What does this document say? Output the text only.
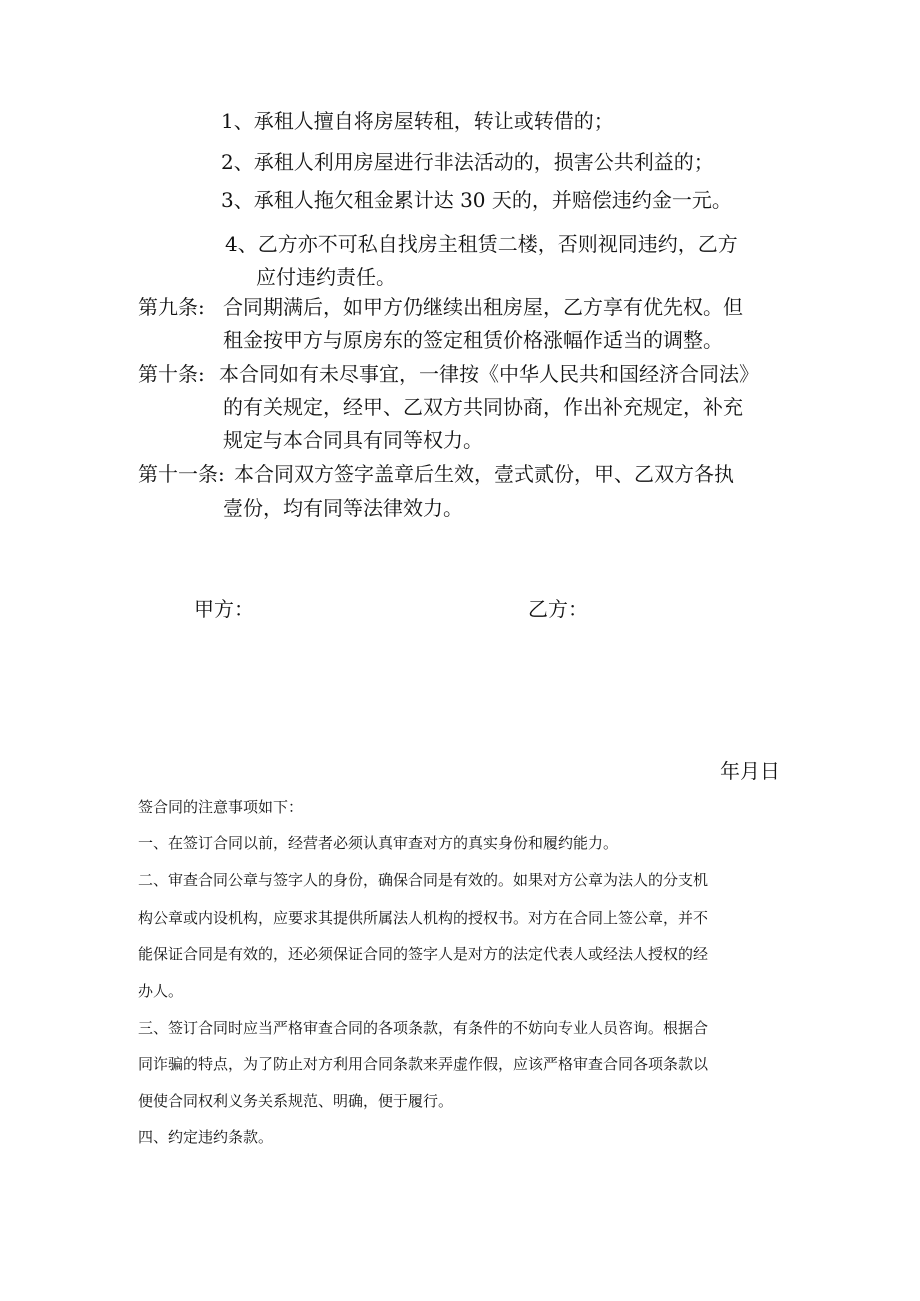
1、承租人擅自将房屋转租，转让或转借的；
2、承租人利用房屋进行非法活动的，损害公共利益的；
3、承租人拖欠租金累计达 30 天的，并赔偿违约金一元。
4、乙方亦不可私自找房主租赁二楼，否则视同违约，乙方
应付违约责任。
第九条: 合同期满后，如甲方仍继续出租房屋，乙方享有优先权。但
租金按甲方与原房东的签定租赁价格涨幅作适当的调整。
第十条: 本合同如有未尽事宜，一律按《中华人民共和国经济合同法》
的有关规定，经甲、乙双方共同协商，作出补充规定，补充
规定与本合同具有同等权力。
第十一条: 本合同双方签字盖章后生效，壹式贰份，甲、乙双方各执
壹份，均有同等法律效力。
甲方：	乙方：
年月日
签合同的注意事项如下：
一、在签订合同以前，经营者必须认真审查对方的真实身份和履约能力。
二、审查合同公章与签字人的身份，确保合同是有效的。如果对方公章为法人的分支机
构公章或内设机构，应要求其提供所属法人机构的授权书。对方在合同上签公章，并不
能保证合同是有效的，还必须保证合同的签字人是对方的法定代表人或经法人授权的经
办人。
三、签订合同时应当严格审查合同的各项条款，有条件的不妨向专业人员咨询。根据合
同诈骗的特点，为了防止对方利用合同条款来弄虚作假，应该严格审查合同各项条款以
便使合同权利义务关系规范、明确，便于履行。
四、约定违约条款。
